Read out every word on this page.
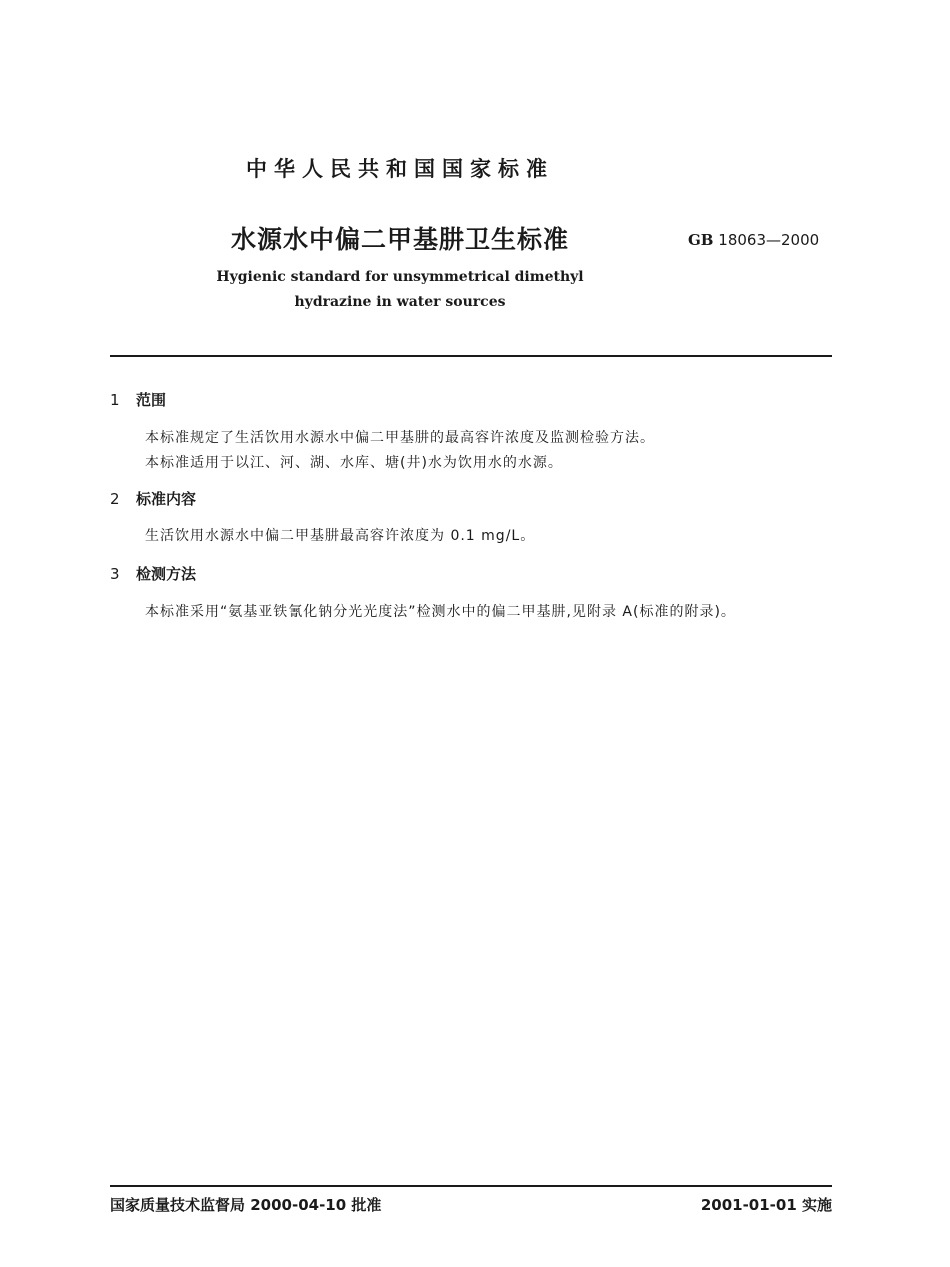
中华人民共和国国家标准
水源水中偏二甲基肼卫生标准	GB 18063—2000
Hygienic standard for unsymmetrical dimethyl
hydrazine in water sources
1 范围
本标准规定了生活饮用水源水中偏二甲基肼的最高容许浓度及监测检验方法。
本标准适用于以江、河、湖、水库、塘(井)水为饮用水的水源。
2 标准内容
生活饮用水源水中偏二甲基肼最高容许浓度为 0.1 mg/L。
3 检测方法
本标准采用“氨基亚铁氰化钠分光光度法”检测水中的偏二甲基肼,见附录 A(标准的附录)。
国家质量技术监督局 2000-04-10 批准	2001-01-01 实施
